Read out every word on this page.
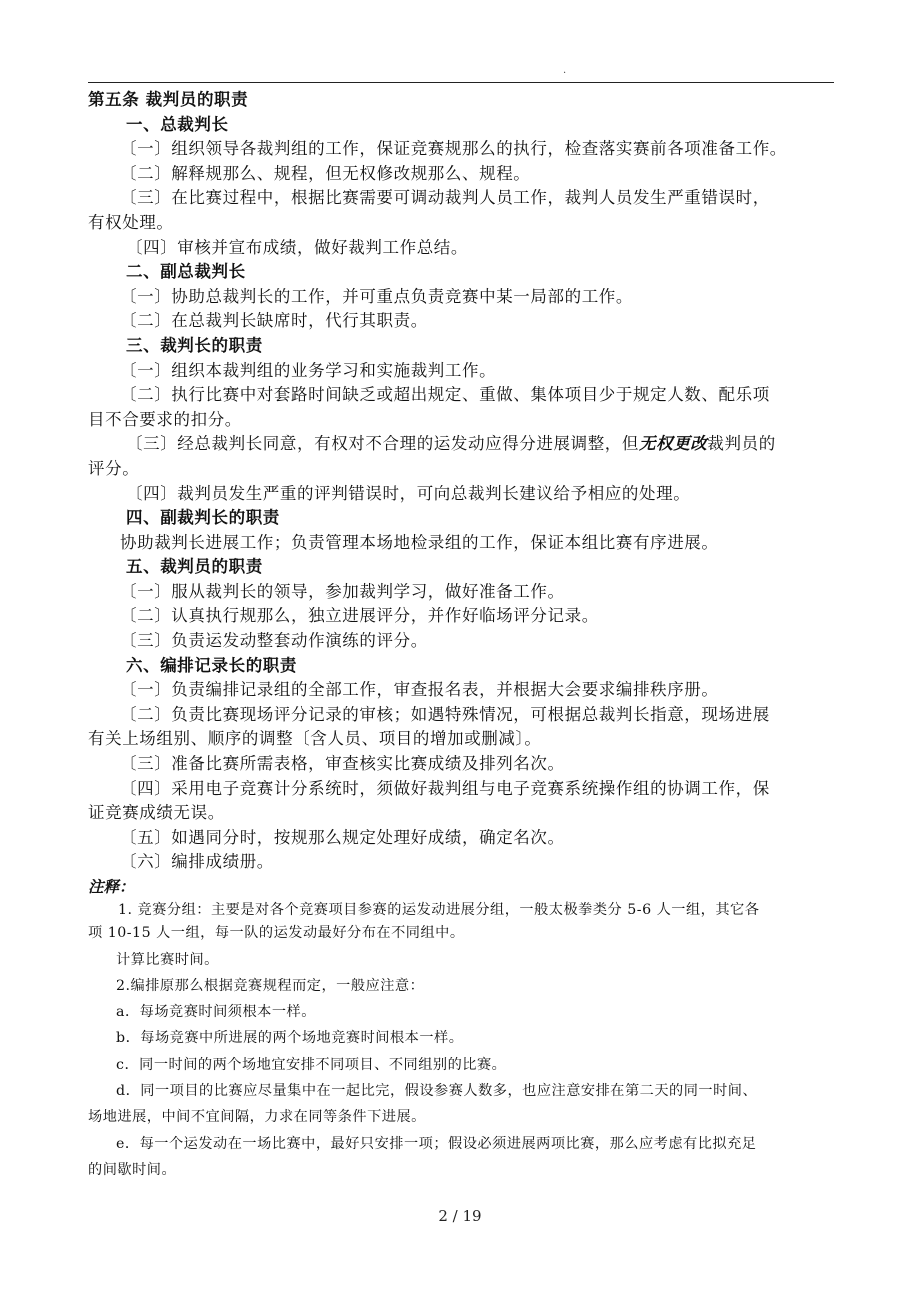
.
第五条 裁判员的职责
一、总裁判长
〔一〕组织领导各裁判组的工作，保证竞赛规那么的执行，检查落实赛前各项准备工作。
〔二〕解释规那么、规程，但无权修改规那么、规程。
〔三〕在比赛过程中，根据比赛需要可调动裁判人员工作，裁判人员发生严重错误时，
有权处理。
〔四〕审核并宣布成绩，做好裁判工作总结。
二、副总裁判长
〔一〕协助总裁判长的工作，并可重点负责竞赛中某一局部的工作。
〔二〕在总裁判长缺席时，代行其职责。
三、裁判长的职责
〔一〕组织本裁判组的业务学习和实施裁判工作。
〔二〕执行比赛中对套路时间缺乏或超出规定、重做、集体项目少于规定人数、配乐项
目不合要求的扣分。
〔三〕经总裁判长同意，有权对不合理的运发动应得分进展调整，但无权更改裁判员的
评分。
〔四〕裁判员发生严重的评判错误时，可向总裁判长建议给予相应的处理。
四、副裁判长的职责
协助裁判长进展工作；负责管理本场地检录组的工作，保证本组比赛有序进展。
五、裁判员的职责
〔一〕服从裁判长的领导，参加裁判学习，做好准备工作。
〔二〕认真执行规那么，独立进展评分，并作好临场评分记录。
〔三〕负责运发动整套动作演练的评分。
六、编排记录长的职责
〔一〕负责编排记录组的全部工作，审查报名表，并根据大会要求编排秩序册。
〔二〕负责比赛现场评分记录的审核；如遇特殊情况，可根据总裁判长指意，现场进展
有关上场组别、顺序的调整〔含人员、项目的增加或删减〕。
〔三〕准备比赛所需表格，审查核实比赛成绩及排列名次。
〔四〕采用电子竞赛计分系统时，须做好裁判组与电子竞赛系统操作组的协调工作，保
证竞赛成绩无误。
〔五〕如遇同分时，按规那么规定处理好成绩，确定名次。
〔六〕编排成绩册。
注释：
1. 竞赛分组：主要是对各个竞赛项目参赛的运发动进展分组，一般太极拳类分 5-6 人一组，其它各
项 10-15 人一组，每一队的运发动最好分布在不同组中。
计算比赛时间。
2.编排原那么根据竞赛规程而定，一般应注意：
a．每场竞赛时间须根本一样。
b．每场竞赛中所进展的两个场地竞赛时间根本一样。
c．同一时间的两个场地宜安排不同项目、不同组别的比赛。
d．同一项目的比赛应尽量集中在一起比完，假设参赛人数多，也应注意安排在第二天的同一时间、
场地进展，中间不宜间隔，力求在同等条件下进展。
e．每一个运发动在一场比赛中，最好只安排一项；假设必须进展两项比赛，那么应考虑有比拟充足
的间歇时间。
2 / 19
